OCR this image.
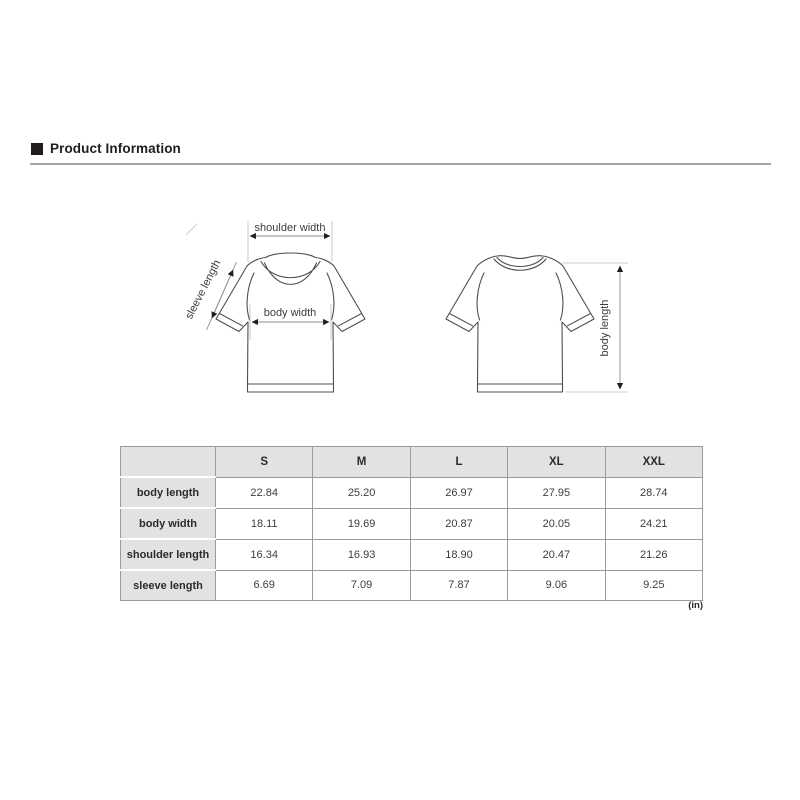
Product Information
shoulder width
sleeve length	body width	body length
	S	M	L	XL	XXL
body length	22.84	25.20	26.97	27.95	28.74
body width	18.11	19.69	20.87	20.05	24.21
shoulder length	16.34	16.93	18.90	20.47	21.26
sleeve length	6.69	7.09	7.87	9.06	9.25
(in)
